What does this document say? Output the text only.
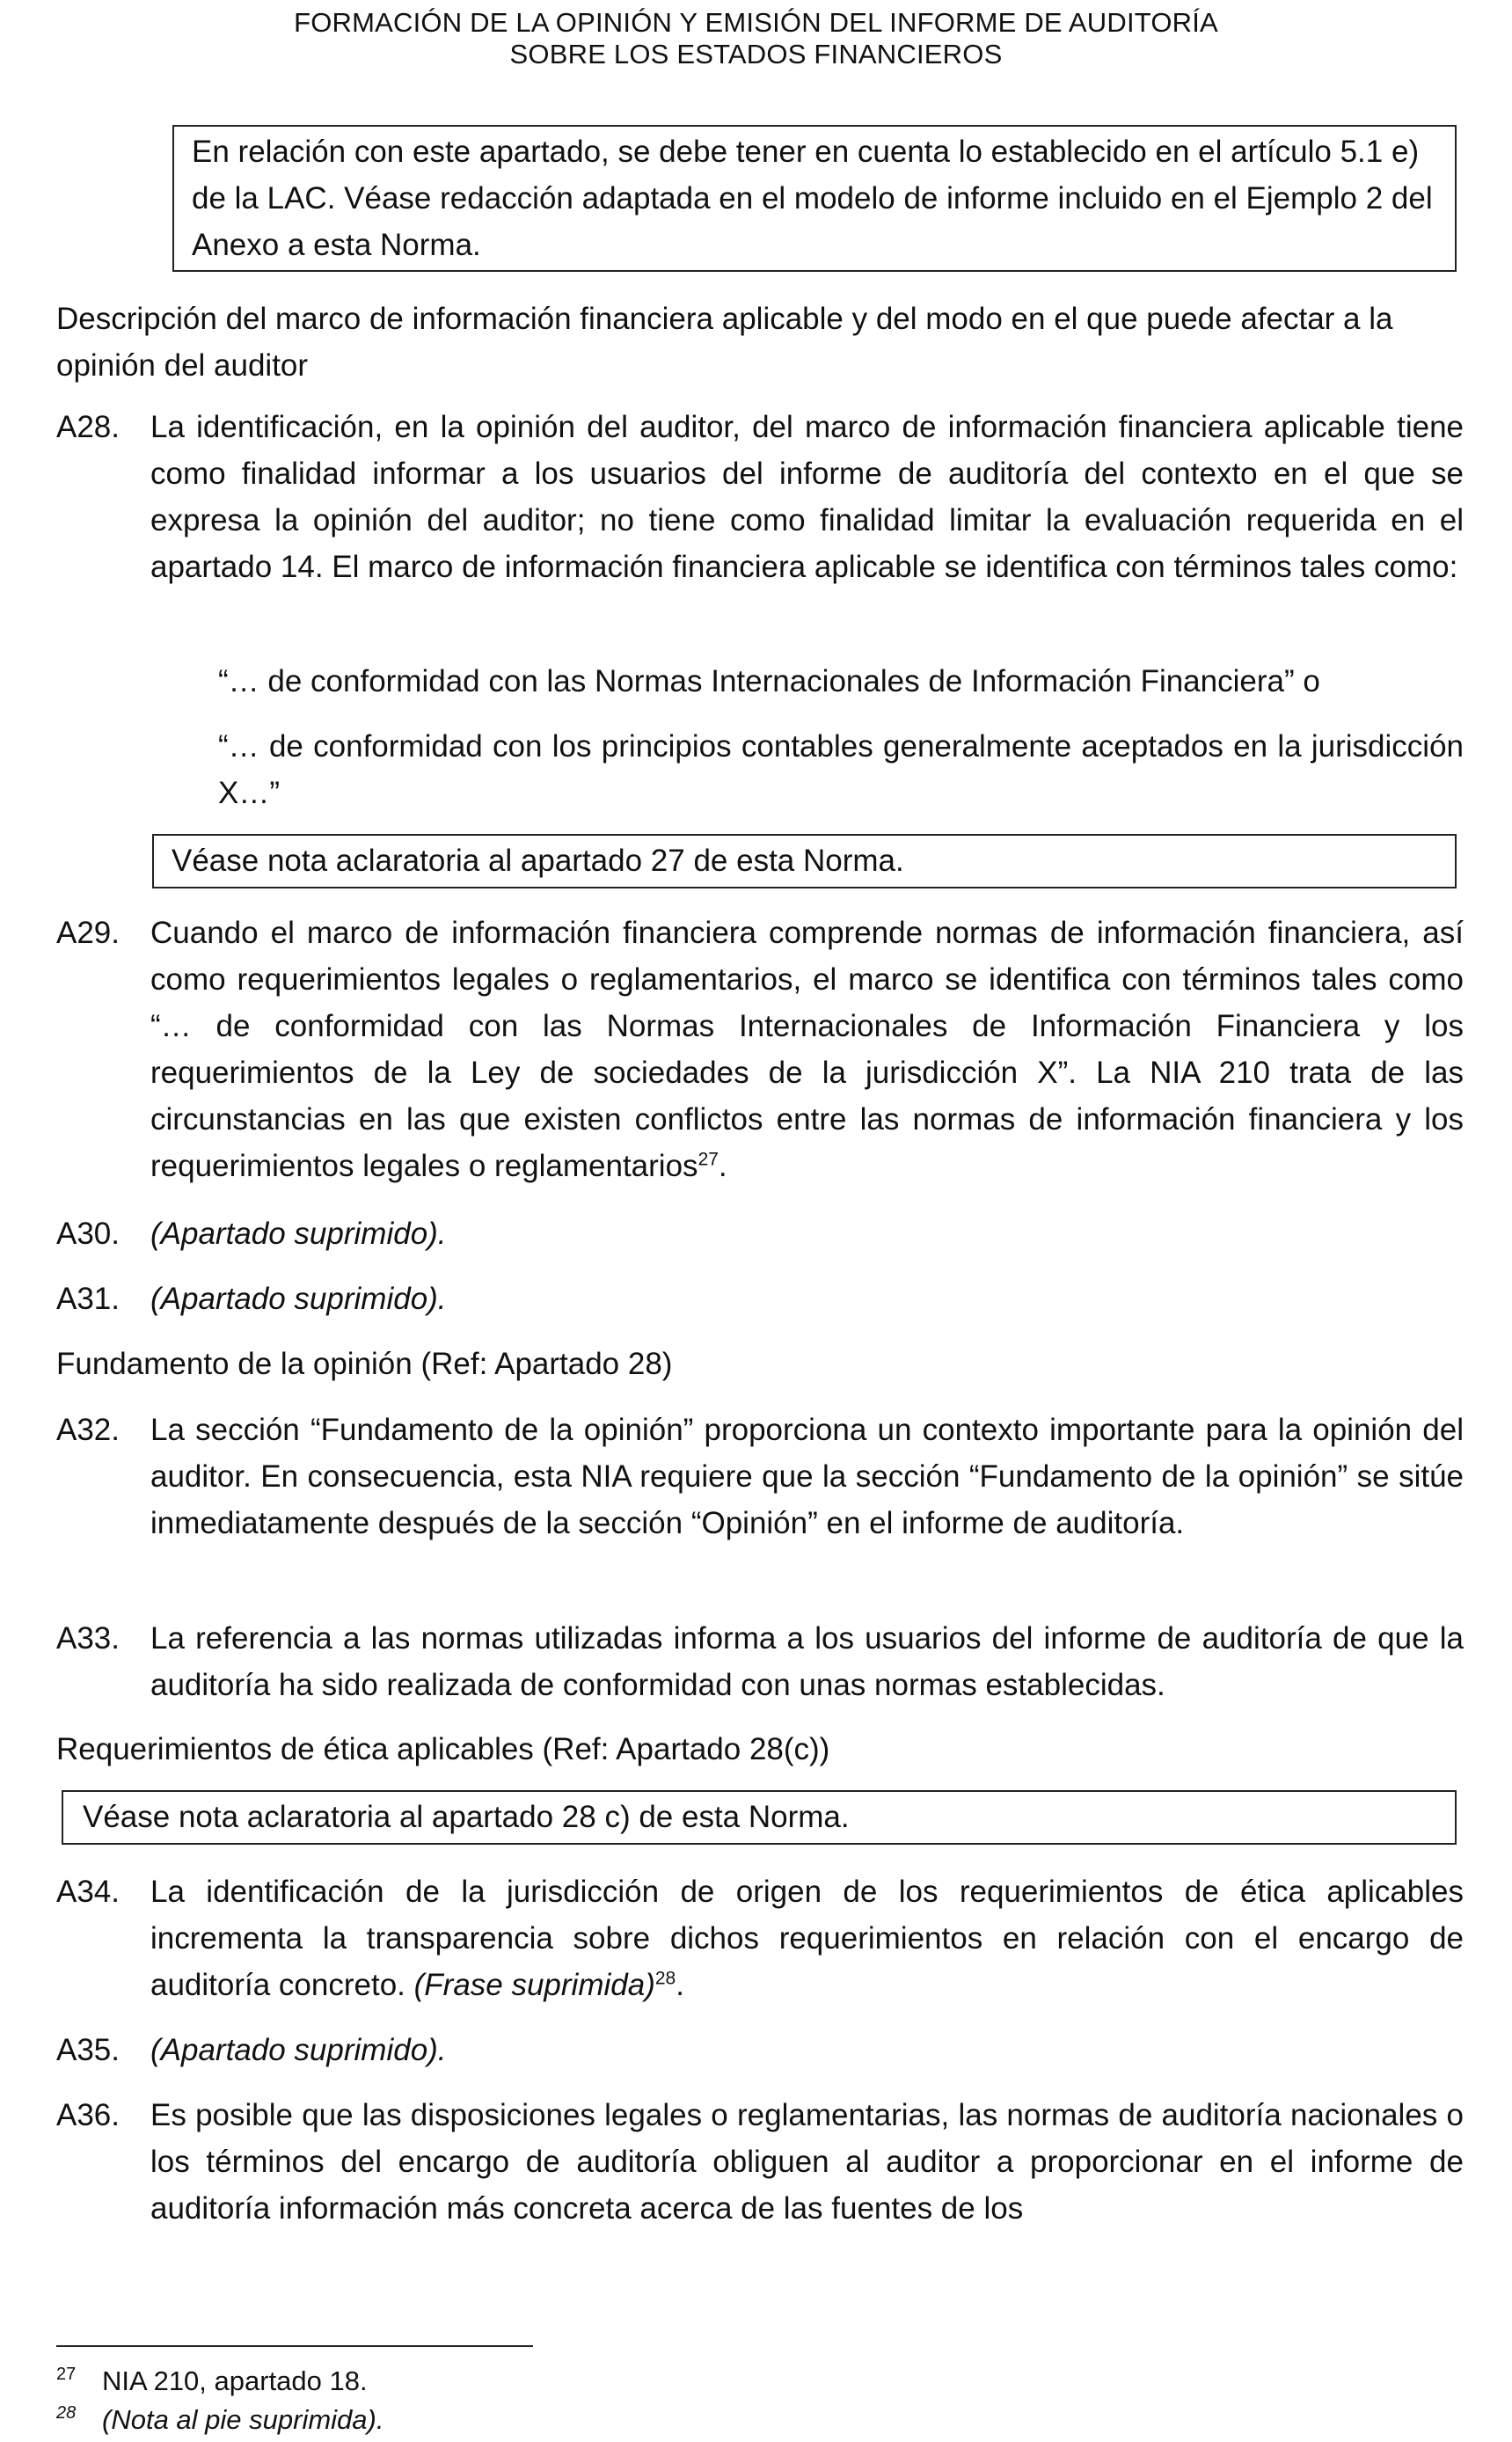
FORMACIÓN DE LA OPINIÓN Y EMISIÓN DEL INFORME DE AUDITORÍA
SOBRE LOS ESTADOS FINANCIEROS
En relación con este apartado, se debe tener en cuenta lo establecido en el artículo 5.1 e) de la LAC. Véase redacción adaptada en el modelo de informe incluido en el Ejemplo 2 del Anexo a esta Norma.
Descripción del marco de información financiera aplicable y del modo en el que puede afectar a la opinión del auditor
A28. La identificación, en la opinión del auditor, del marco de información financiera aplicable tiene como finalidad informar a los usuarios del informe de auditoría del contexto en el que se expresa la opinión del auditor; no tiene como finalidad limitar la evaluación requerida en el apartado 14. El marco de información financiera aplicable se identifica con términos tales como:
“… de conformidad con las Normas Internacionales de Información Financiera” o
“… de conformidad con los principios contables generalmente aceptados en la jurisdicción X…”
Véase nota aclaratoria al apartado 27 de esta Norma.
A29. Cuando el marco de información financiera comprende normas de información financiera, así como requerimientos legales o reglamentarios, el marco se identifica con términos tales como “… de conformidad con las Normas Internacionales de Información Financiera y los requerimientos de la Ley de sociedades de la jurisdicción X”. La NIA 210 trata de las circunstancias en las que existen conflictos entre las normas de información financiera y los requerimientos legales o reglamentarios$^{27}$.
A30. (Apartado suprimido).
A31. (Apartado suprimido).
Fundamento de la opinión (Ref: Apartado 28)
A32. La sección “Fundamento de la opinión” proporciona un contexto importante para la opinión del auditor. En consecuencia, esta NIA requiere que la sección “Fundamento de la opinión” se sitúe inmediatamente después de la sección “Opinión” en el informe de auditoría.
A33. La referencia a las normas utilizadas informa a los usuarios del informe de auditoría de que la auditoría ha sido realizada de conformidad con unas normas establecidas.
Requerimientos de ética aplicables (Ref: Apartado 28(c))
Véase nota aclaratoria al apartado 28 c) de esta Norma.
A34. La identificación de la jurisdicción de origen de los requerimientos de ética aplicables incrementa la transparencia sobre dichos requerimientos en relación con el encargo de auditoría concreto. (Frase suprimida)$^{28}$.
A35. (Apartado suprimido).
A36. Es posible que las disposiciones legales o reglamentarias, las normas de auditoría nacionales o los términos del encargo de auditoría obliguen al auditor a proporcionar en el informe de auditoría información más concreta acerca de las fuentes de los
27 NIA 210, apartado 18.
28 (Nota al pie suprimida).
